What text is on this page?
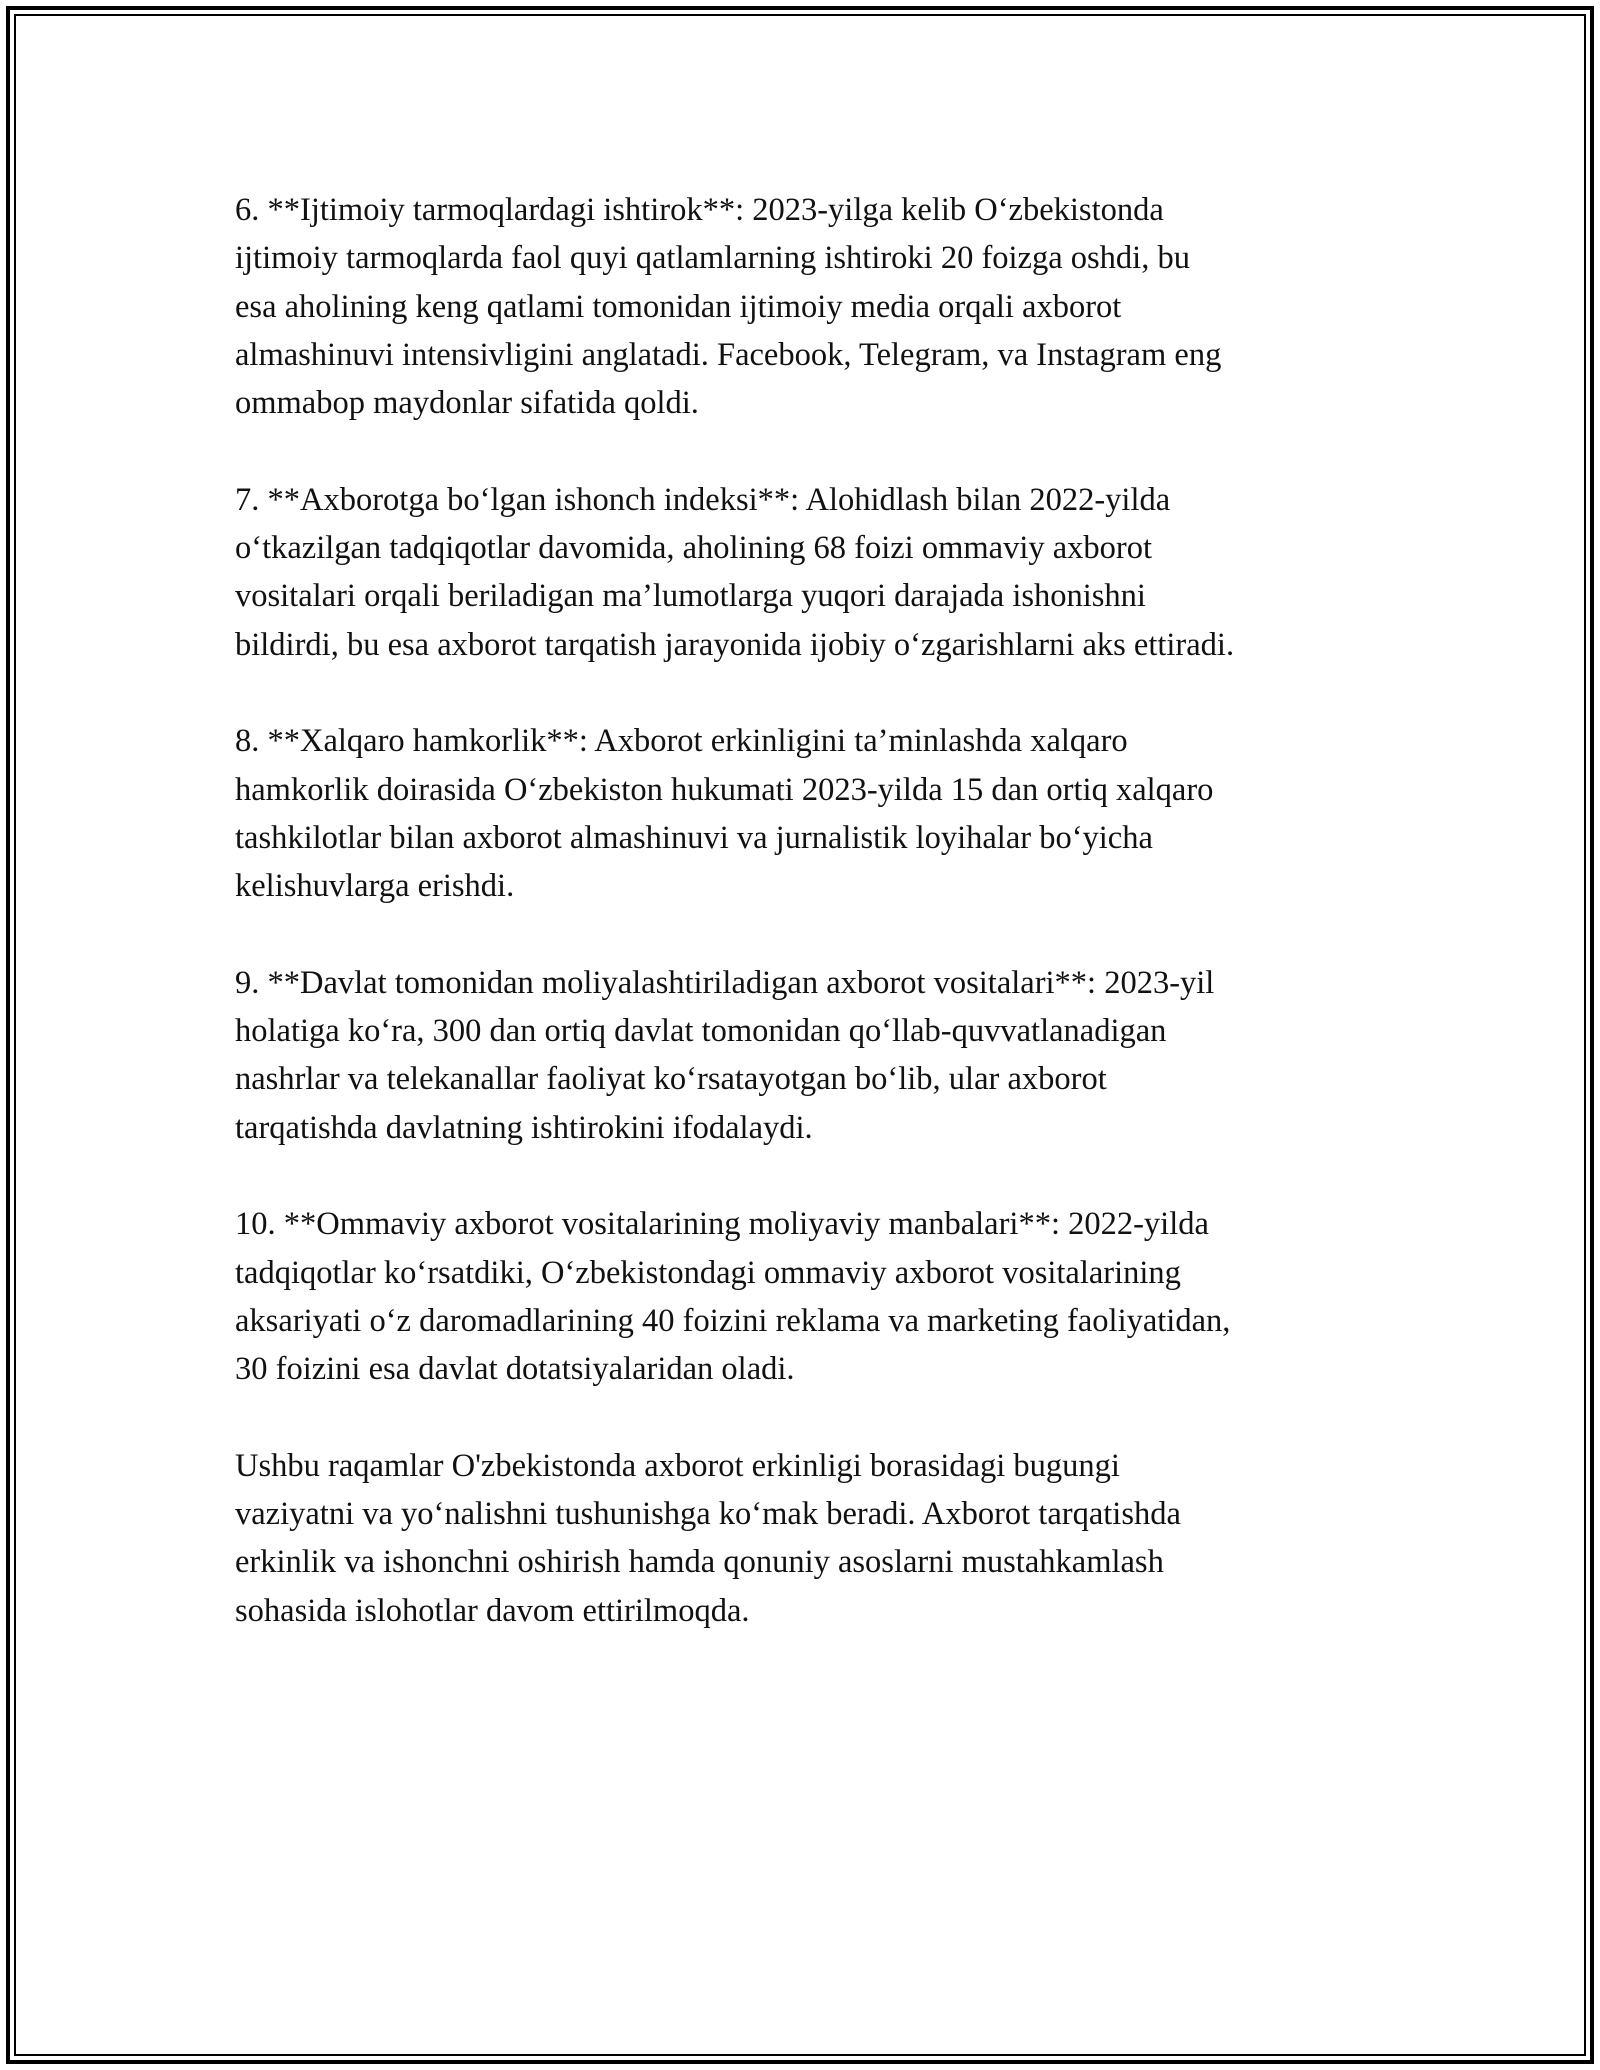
6. **Ijtimoiy tarmoqlardagi ishtirok**: 2023-yilga kelib O‘zbekistonda
ijtimoiy tarmoqlarda faol quyi qatlamlarning ishtiroki 20 foizga oshdi, bu
esa aholining keng qatlami tomonidan ijtimoiy media orqali axborot
almashinuvi intensivligini anglatadi. Facebook, Telegram, va Instagram eng
ommabop maydonlar sifatida qoldi.

7. **Axborotga bo‘lgan ishonch indeksi**: Alohidlash bilan 2022-yilda
o‘tkazilgan tadqiqotlar davomida, aholining 68 foizi ommaviy axborot
vositalari orqali beriladigan ma’lumotlarga yuqori darajada ishonishni
bildirdi, bu esa axborot tarqatish jarayonida ijobiy o‘zgarishlarni aks ettiradi.

8. **Xalqaro hamkorlik**: Axborot erkinligini ta’minlashda xalqaro
hamkorlik doirasida O‘zbekiston hukumati 2023-yilda 15 dan ortiq xalqaro
tashkilotlar bilan axborot almashinuvi va jurnalistik loyihalar bo‘yicha
kelishuvlarga erishdi.

9. **Davlat tomonidan moliyalashtiriladigan axborot vositalari**: 2023-yil
holatiga ko‘ra, 300 dan ortiq davlat tomonidan qo‘llab-quvvatlanadigan
nashrlar va telekanallar faoliyat ko‘rsatayotgan bo‘lib, ular axborot
tarqatishda davlatning ishtirokini ifodalaydi.

10. **Ommaviy axborot vositalarining moliyaviy manbalari**: 2022-yilda
tadqiqotlar ko‘rsatdiki, O‘zbekistondagi ommaviy axborot vositalarining
aksariyati o‘z daromadlarining 40 foizini reklama va marketing faoliyatidan,
30 foizini esa davlat dotatsiyalaridan oladi.

Ushbu raqamlar O'zbekistonda axborot erkinligi borasidagi bugungi
vaziyatni va yo‘nalishni tushunishga ko‘mak beradi. Axborot tarqatishda
erkinlik va ishonchni oshirish hamda qonuniy asoslarni mustahkamlash
sohasida islohotlar davom ettirilmoqda.
